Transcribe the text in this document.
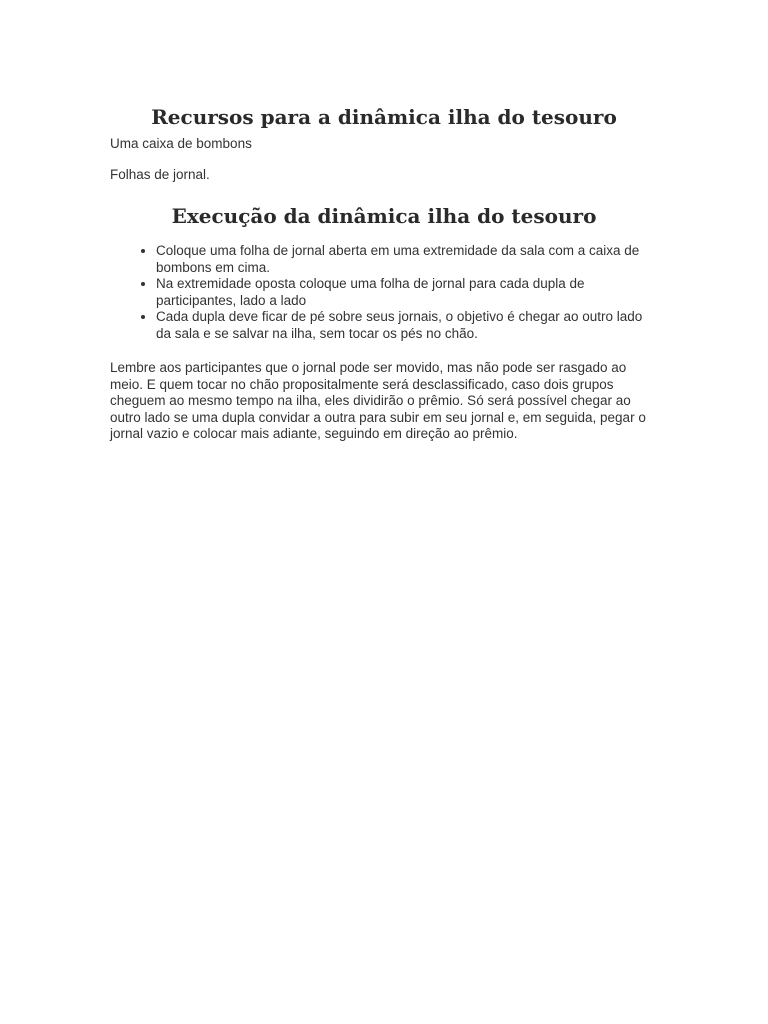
Recursos para a dinâmica ilha do tesouro

Uma caixa de bombons

Folhas de jornal.

Execução da dinâmica ilha do tesouro
• Coloque uma folha de jornal aberta em uma extremidade da sala com a caixa de bombons em cima.
• Na extremidade oposta coloque uma folha de jornal para cada dupla de participantes, lado a lado
• Cada dupla deve ficar de pé sobre seus jornais, o objetivo é chegar ao outro lado da sala e se salvar na ilha, sem tocar os pés no chão.

Lembre aos participantes que o jornal pode ser movido, mas não pode ser rasgado ao meio. E quem tocar no chão propositalmente será desclassificado, caso dois grupos cheguem ao mesmo tempo na ilha, eles dividirão o prêmio. Só será possível chegar ao outro lado se uma dupla convidar a outra para subir em seu jornal e, em seguida, pegar o jornal vazio e colocar mais adiante, seguindo em direção ao prêmio.
